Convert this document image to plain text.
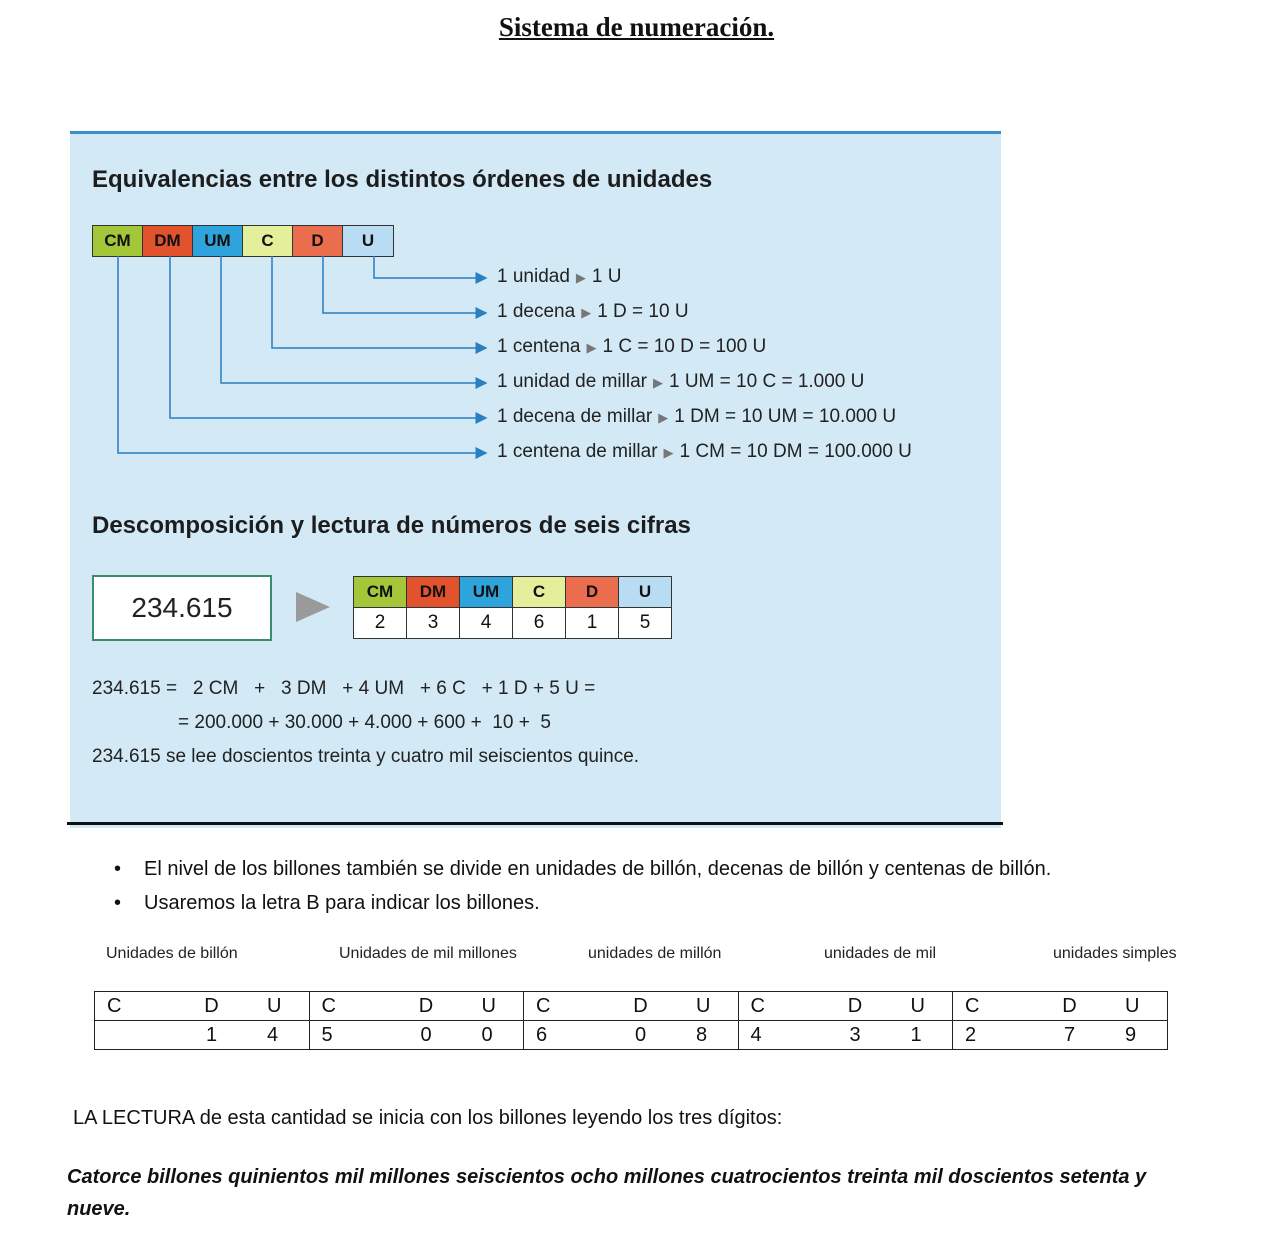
Sistema de numeración.
Equivalencias entre los distintos órdenes de unidades
CM	DM	UM	C	D	U
1 unidad ▶ 1 U
1 decena ▶ 1 D = 10 U
1 centena ▶ 1 C = 10 D = 100 U
1 unidad de millar ▶ 1 UM = 10 C = 1.000 U
1 decena de millar ▶ 1 DM = 10 UM = 10.000 U
1 centena de millar ▶ 1 CM = 10 DM = 100.000 U
Descomposición y lectura de números de seis cifras
234.615
CM	DM	UM	C	D	U
2	3	4	6	1	5
234.615 =   2 CM   +   3 DM   + 4 UM   + 6 C   + 1 D + 5 U =
= 200.000 + 30.000 + 4.000 + 600 +  10 +  5
234.615 se lee doscientos treinta y cuatro mil seiscientos quince.
• El nivel de los billones también se divide en unidades de billón, decenas de billón y centenas de billón.
• Usaremos la letra B para indicar los billones.
Unidades de billón	Unidades de mil millones	unidades de millón	unidades de mil	unidades simples
C	D	U	C	D	U	C	D	U	C	D	U	C	D	U
	1	4	5	0	0	6	0	8	4	3	1	2	7	9
LA LECTURA de esta cantidad se inicia con los billones leyendo los tres dígitos:
Catorce billones quinientos mil millones seiscientos ocho millones cuatrocientos treinta mil doscientos setenta y nueve.
